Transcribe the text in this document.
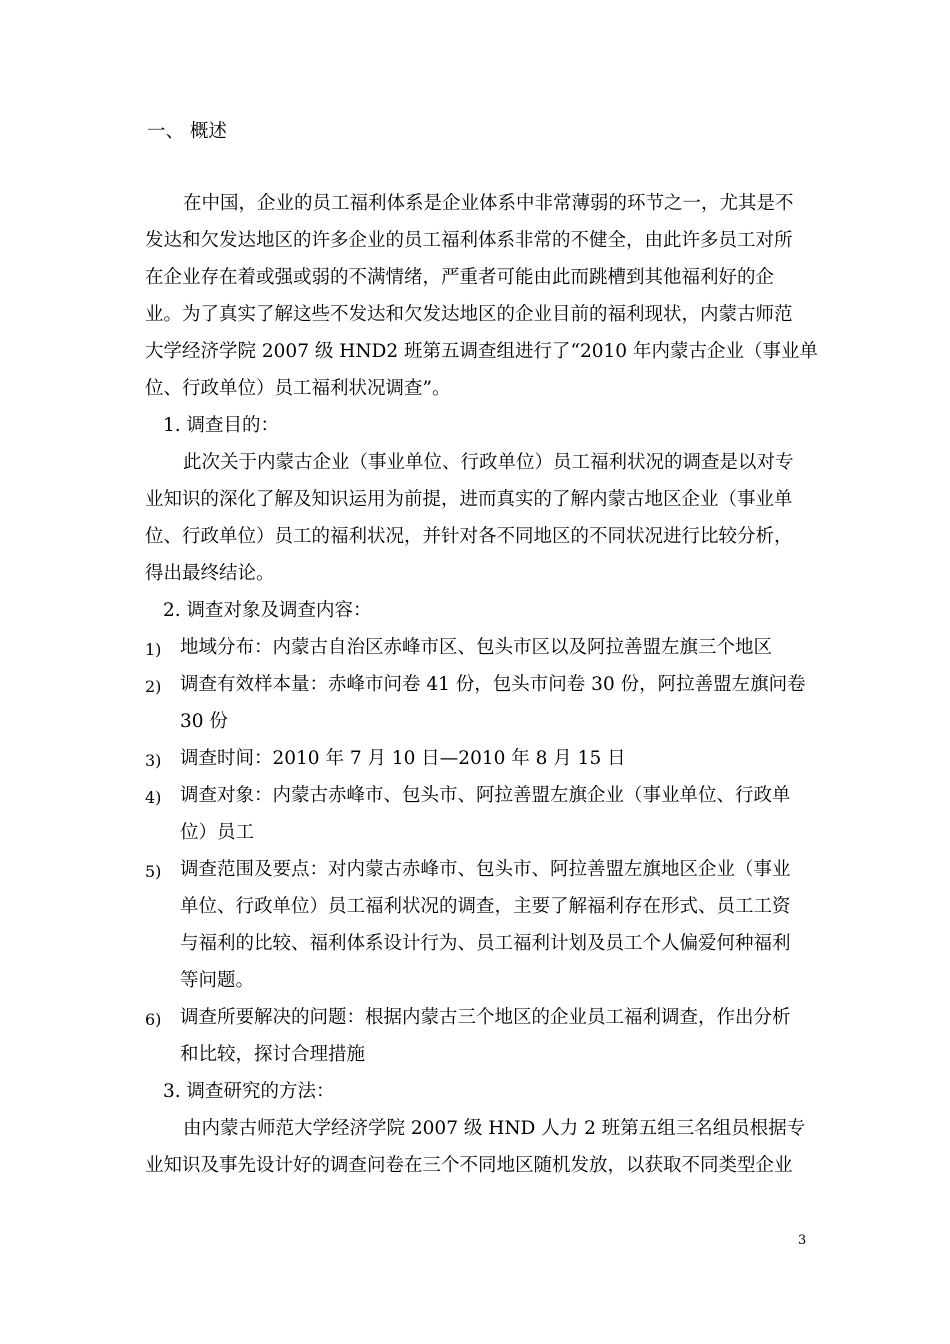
一、 概述
在中国，企业的员工福利体系是企业体系中非常薄弱的环节之一，尤其是不
发达和欠发达地区的许多企业的员工福利体系非常的不健全，由此许多员工对所
在企业存在着或强或弱的不满情绪，严重者可能由此而跳槽到其他福利好的企
业。为了真实了解这些不发达和欠发达地区的企业目前的福利现状，内蒙古师范
大学经济学院 2007 级 HND2 班第五调查组进行了“2010 年内蒙古企业（事业单
位、行政单位）员工福利状况调查”。
1. 调查目的：
此次关于内蒙古企业（事业单位、行政单位）员工福利状况的调查是以对专
业知识的深化了解及知识运用为前提，进而真实的了解内蒙古地区企业（事业单
位、行政单位）员工的福利状况，并针对各不同地区的不同状况进行比较分析，
得出最终结论。
2. 调查对象及调查内容：
1) 地域分布：内蒙古自治区赤峰市区、包头市区以及阿拉善盟左旗三个地区
2) 调查有效样本量：赤峰市问卷 41 份，包头市问卷 30 份，阿拉善盟左旗问卷
30 份
3) 调查时间：2010 年 7 月 10 日—2010 年 8 月 15 日
4) 调查对象：内蒙古赤峰市、包头市、阿拉善盟左旗企业（事业单位、行政单
位）员工
5) 调查范围及要点：对内蒙古赤峰市、包头市、阿拉善盟左旗地区企业（事业
单位、行政单位）员工福利状况的调查，主要了解福利存在形式、员工工资
与福利的比较、福利体系设计行为、员工福利计划及员工个人偏爱何种福利
等问题。
6) 调查所要解决的问题：根据内蒙古三个地区的企业员工福利调查，作出分析
和比较，探讨合理措施
3. 调查研究的方法：
由内蒙古师范大学经济学院 2007 级 HND 人力 2 班第五组三名组员根据专
业知识及事先设计好的调查问卷在三个不同地区随机发放，以获取不同类型企业
3
